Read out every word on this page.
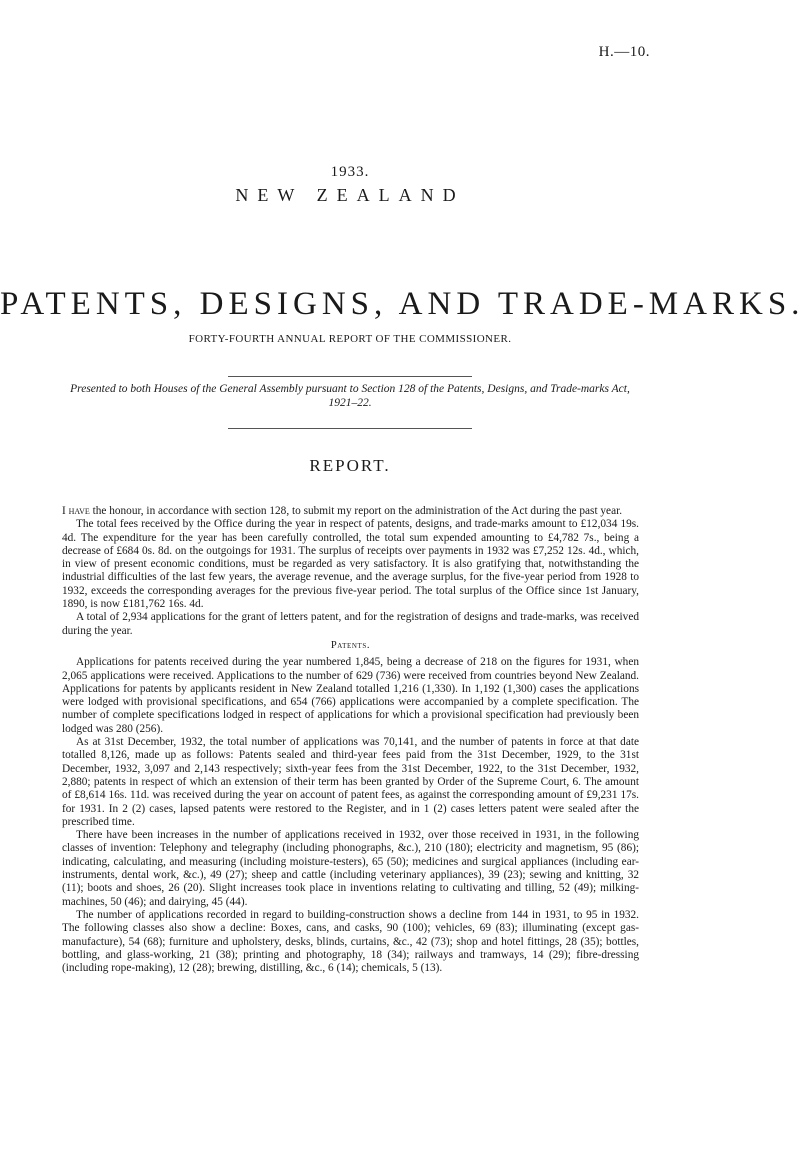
H.—10.
1933.
NEW ZEALAND
PATENTS, DESIGNS, AND TRADE-MARKS.
FORTY-FOURTH ANNUAL REPORT OF THE COMMISSIONER.
Presented to both Houses of the General Assembly pursuant to Section 128 of the Patents, Designs, and Trade-marks Act, 1921–22.
REPORT.

I have the honour, in accordance with section 128, to submit my report on the administration of the Act during the past year.

The total fees received by the Office during the year in respect of patents, designs, and trade-marks amount to £12,034 19s. 4d. The expenditure for the year has been carefully controlled, the total sum expended amounting to £4,782 7s., being a decrease of £684 0s. 8d. on the outgoings for 1931. The surplus of receipts over payments in 1932 was £7,252 12s. 4d., which, in view of present economic conditions, must be regarded as very satisfactory. It is also gratifying that, notwithstanding the industrial difficulties of the last few years, the average revenue, and the average surplus, for the five-year period from 1928 to 1932, exceeds the corresponding averages for the previous five-year period. The total surplus of the Office since 1st January, 1890, is now £181,762 16s. 4d.

A total of 2,934 applications for the grant of letters patent, and for the registration of designs and trade-marks, was received during the year.

Patents.

Applications for patents received during the year numbered 1,845, being a decrease of 218 on the figures for 1931, when 2,065 applications were received. Applications to the number of 629 (736) were received from countries beyond New Zealand. Applications for patents by applicants resident in New Zealand totalled 1,216 (1,330). In 1,192 (1,300) cases the applications were lodged with provisional specifications, and 654 (766) applications were accompanied by a complete specification. The number of complete specifications lodged in respect of applications for which a provisional specification had previously been lodged was 280 (256).

As at 31st December, 1932, the total number of applications was 70,141, and the number of patents in force at that date totalled 8,126, made up as follows: Patents sealed and third-year fees paid from the 31st December, 1929, to the 31st December, 1932, 3,097 and 2,143 respectively; sixth-year fees from the 31st December, 1922, to the 31st December, 1932, 2,880; patents in respect of which an extension of their term has been granted by Order of the Supreme Court, 6. The amount of £8,614 16s. 11d. was received during the year on account of patent fees, as against the corresponding amount of £9,231 17s. for 1931. In 2 (2) cases, lapsed patents were restored to the Register, and in 1 (2) cases letters patent were sealed after the prescribed time.

There have been increases in the number of applications received in 1932, over those received in 1931, in the following classes of invention: Telephony and telegraphy (including phonographs, &c.), 210 (180); electricity and magnetism, 95 (86); indicating, calculating, and measuring (including moisture-testers), 65 (50); medicines and surgical appliances (including ear-instruments, dental work, &c.), 49 (27); sheep and cattle (including veterinary appliances), 39 (23); sewing and knitting, 32 (11); boots and shoes, 26 (20). Slight increases took place in inventions relating to cultivating and tilling, 52 (49); milking-machines, 50 (46); and dairying, 45 (44).

The number of applications recorded in regard to building-construction shows a decline from 144 in 1931, to 95 in 1932. The following classes also show a decline: Boxes, cans, and casks, 90 (100); vehicles, 69 (83); illuminating (except gas-manufacture), 54 (68); furniture and upholstery, desks, blinds, curtains, &c., 42 (73); shop and hotel fittings, 28 (35); bottles, bottling, and glass-working, 21 (38); printing and photography, 18 (34); railways and tramways, 14 (29); fibre-dressing (including rope-making), 12 (28); brewing, distilling, &c., 6 (14); chemicals, 5 (13).
